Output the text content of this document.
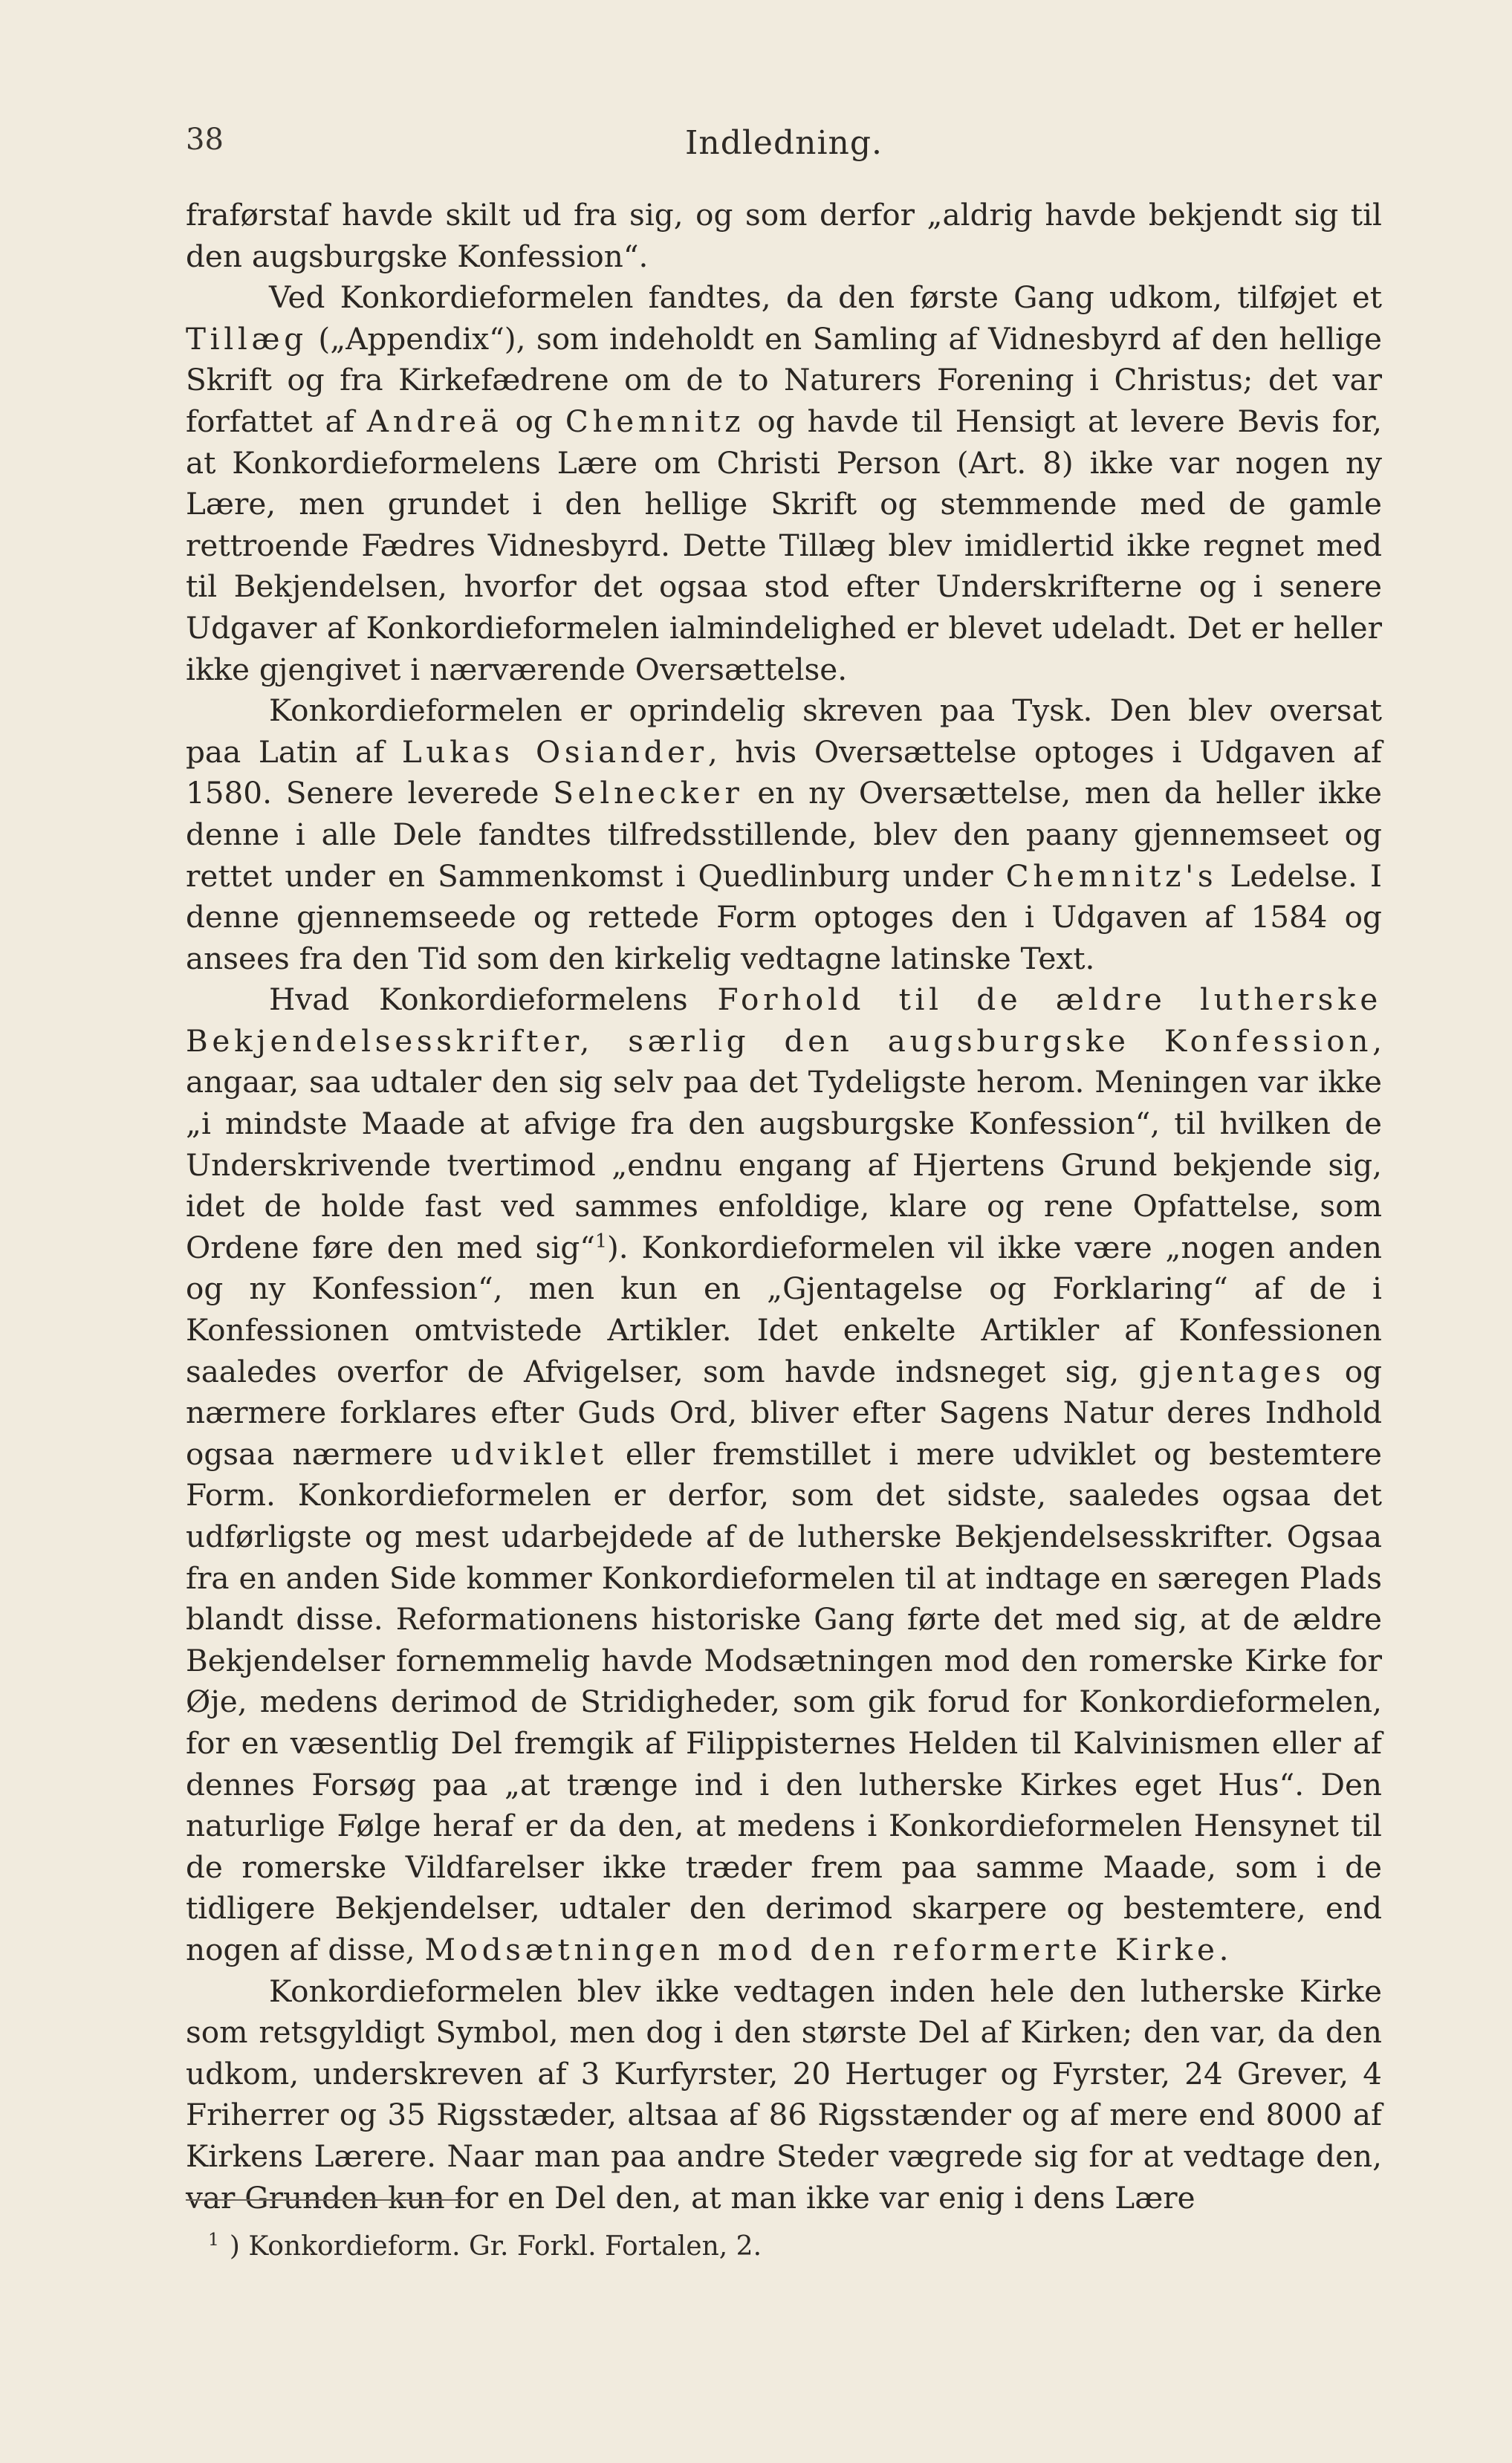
38	Indledning.

fraførstaf havde skilt ud fra sig, og som derfor „aldrig havde bekjendt sig til den augsburgske Konfession“.

Ved Konkordieformelen fandtes, da den første Gang udkom, tilføjet et Tillæg („Appendix“), som indeholdt en Samling af Vidnesbyrd af den hellige Skrift og fra Kirkefædrene om de to Naturers Forening i Christus; det var forfattet af Andreä og Chemnitz og havde til Hensigt at levere Bevis for, at Konkordieformelens Lære om Christi Person (Art. 8) ikke var nogen ny Lære, men grundet i den hellige Skrift og stemmende med de gamle rettroende Fædres Vidnesbyrd. Dette Tillæg blev imidlertid ikke regnet med til Bekjendelsen, hvorfor det ogsaa stod efter Underskrifterne og i senere Udgaver af Konkordieformelen ialmindelighed er blevet udeladt. Det er heller ikke gjengivet i nærværende Oversættelse.

Konkordieformelen er oprindelig skreven paa Tysk. Den blev oversat paa Latin af Lukas Osiander, hvis Oversættelse optoges i Udgaven af 1580. Senere leverede Selnecker en ny Oversættelse, men da heller ikke denne i alle Dele fandtes tilfredsstillende, blev den paany gjennemseet og rettet under en Sammenkomst i Quedlinburg under Chemnitz's Ledelse. I denne gjennemseede og rettede Form optoges den i Udgaven af 1584 og ansees fra den Tid som den kirkelig vedtagne latinske Text.

Hvad Konkordieformelens Forhold til de ældre lutherske Bekjendelsesskrifter, særlig den augsburgske Konfession, angaar, saa udtaler den sig selv paa det Tydeligste herom. Meningen var ikke „i mindste Maade at afvige fra den augsburgske Konfession“, til hvilken de Underskrivende tvertimod „endnu engang af Hjertens Grund bekjende sig, idet de holde fast ved sammes enfoldige, klare og rene Opfattelse, som Ordene føre den med sig“$^1$). Konkordieformelen vil ikke være „nogen anden og ny Konfession“, men kun en „Gjentagelse og Forklaring“ af de i Konfessionen omtvistede Artikler. Idet enkelte Artikler af Konfessionen saaledes overfor de Afvigelser, som havde indsneget sig, gjentages og nærmere forklares efter Guds Ord, bliver efter Sagens Natur deres Indhold ogsaa nærmere udviklet eller fremstillet i mere udviklet og bestemtere Form. Konkordieformelen er derfor, som det sidste, saaledes ogsaa det udførligste og mest udarbejdede af de lutherske Bekjendelsesskrifter. Ogsaa fra en anden Side kommer Konkordieformelen til at indtage en særegen Plads blandt disse. Reformationens historiske Gang førte det med sig, at de ældre Bekjendelser fornemmelig havde Modsætningen mod den romerske Kirke for Øje, medens derimod de Stridigheder, som gik forud for Konkordieformelen, for en væsentlig Del fremgik af Filippisternes Helden til Kalvinismen eller af dennes Forsøg paa „at trænge ind i den lutherske Kirkes eget Hus“. Den naturlige Følge heraf er da den, at medens i Konkordieformelen Hensynet til de romerske Vildfarelser ikke træder frem paa samme Maade, som i de tidligere Bekjendelser, udtaler den derimod skarpere og bestemtere, end nogen af disse, Modsætningen mod den reformerte Kirke.

Konkordieformelen blev ikke vedtagen inden hele den lutherske Kirke som retsgyldigt Symbol, men dog i den største Del af Kirken; den var, da den udkom, underskreven af 3 Kurfyrster, 20 Hertuger og Fyrster, 24 Grever, 4 Friherrer og 35 Rigsstæder, altsaa af 86 Rigsstænder og af mere end 8000 af Kirkens Lærere. Naar man paa andre Steder vægrede sig for at vedtage den, var Grunden kun for en Del den, at man ikke var enig i dens Lære

$^1$ ) Konkordieform. Gr. Forkl. Fortalen, 2.
